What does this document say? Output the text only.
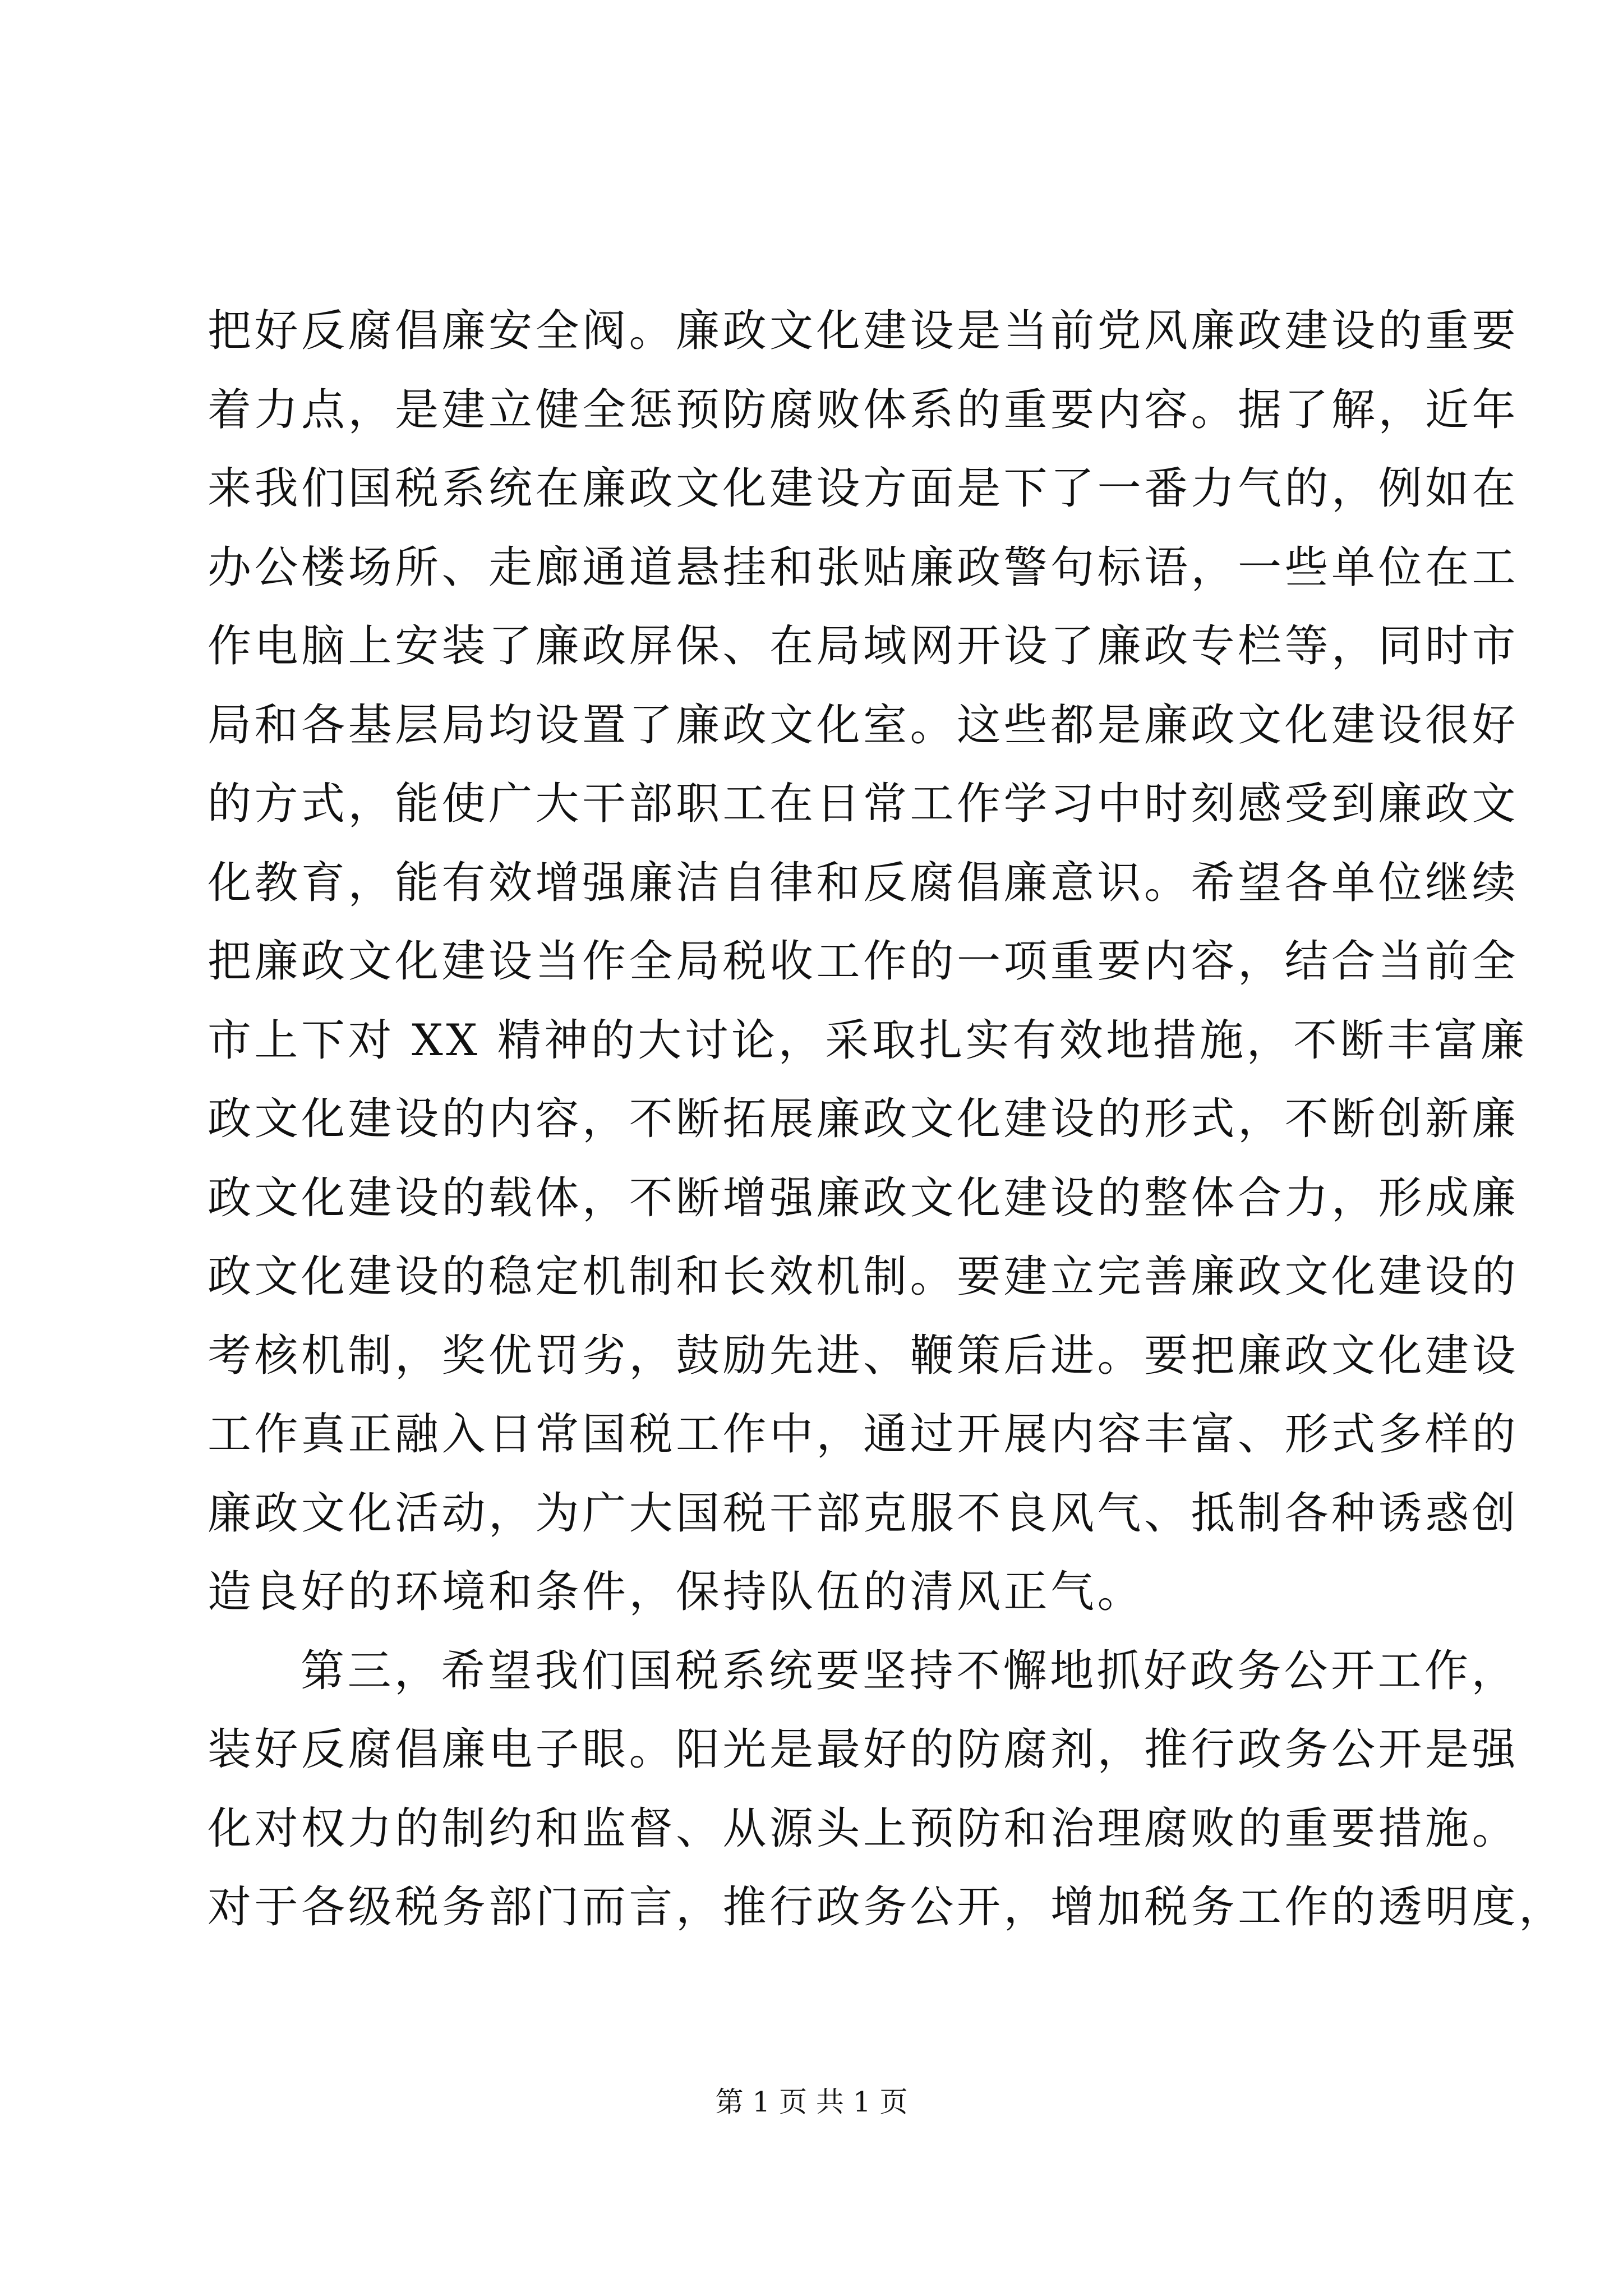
把好反腐倡廉安全阀。廉政文化建设是当前党风廉政建设的重要
着力点，是建立健全惩预防腐败体系的重要内容。据了解，近年
来我们国税系统在廉政文化建设方面是下了一番力气的，例如在
办公楼场所、走廊通道悬挂和张贴廉政警句标语，一些单位在工
作电脑上安装了廉政屏保、在局域网开设了廉政专栏等，同时市
局和各基层局均设置了廉政文化室。这些都是廉政文化建设很好
的方式，能使广大干部职工在日常工作学习中时刻感受到廉政文
化教育，能有效增强廉洁自律和反腐倡廉意识。希望各单位继续
把廉政文化建设当作全局税收工作的一项重要内容，结合当前全
市上下对 XX 精神的大讨论，采取扎实有效地措施，不断丰富廉
政文化建设的内容，不断拓展廉政文化建设的形式，不断创新廉
政文化建设的载体，不断增强廉政文化建设的整体合力，形成廉
政文化建设的稳定机制和长效机制。要建立完善廉政文化建设的
考核机制，奖优罚劣，鼓励先进、鞭策后进。要把廉政文化建设
工作真正融入日常国税工作中，通过开展内容丰富、形式多样的
廉政文化活动，为广大国税干部克服不良风气、抵制各种诱惑创
造良好的环境和条件，保持队伍的清风正气。
第三，希望我们国税系统要坚持不懈地抓好政务公开工作，
装好反腐倡廉电子眼。阳光是最好的防腐剂，推行政务公开是强
化对权力的制约和监督、从源头上预防和治理腐败的重要措施。
对于各级税务部门而言，推行政务公开，增加税务工作的透明度，
第 1 页 共 1 页
